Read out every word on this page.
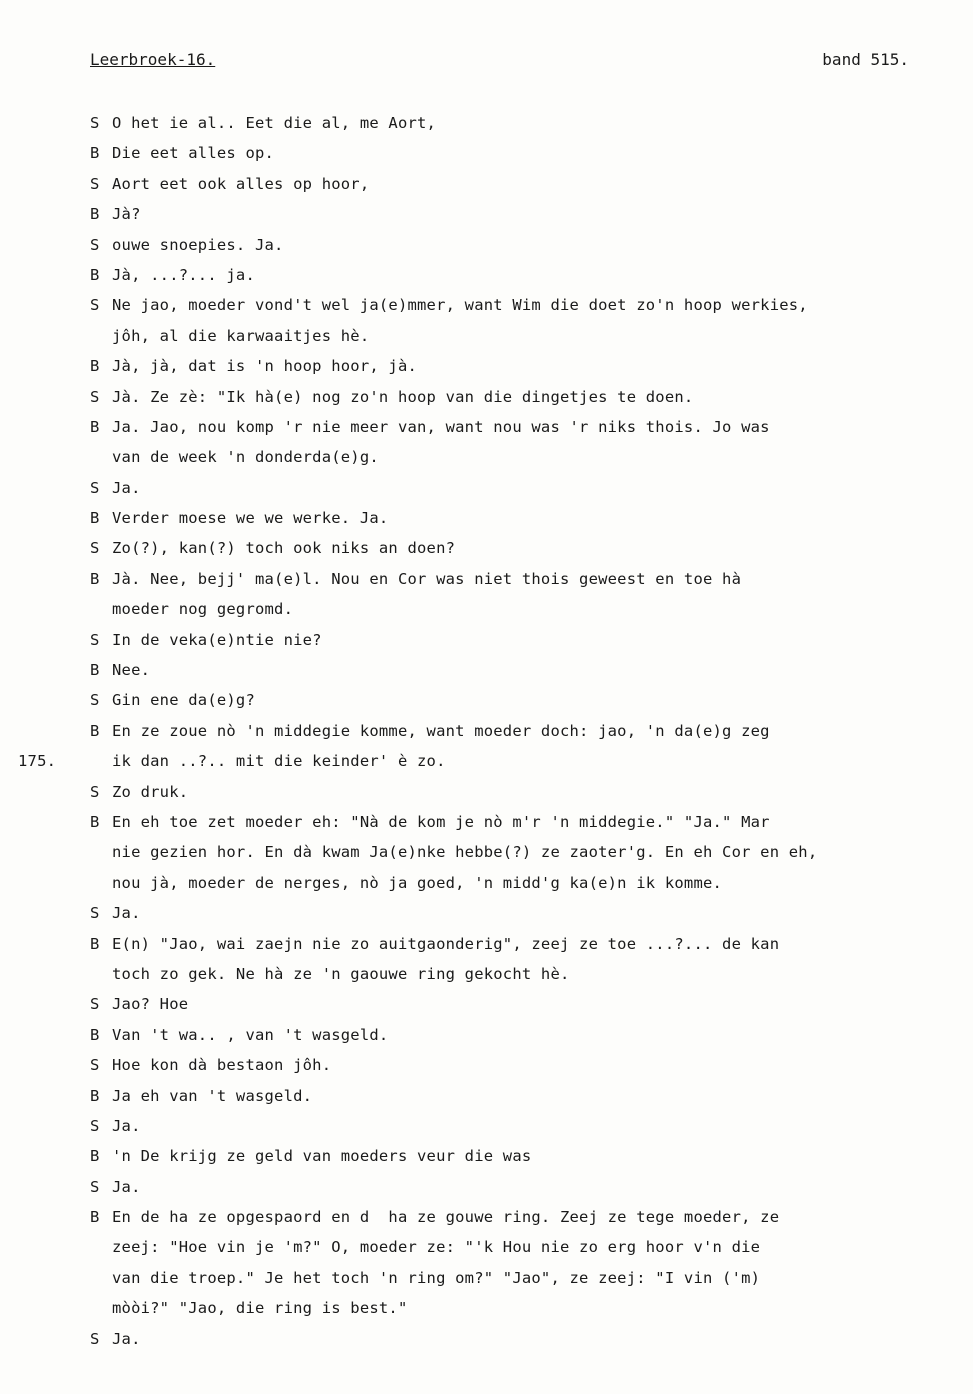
Leerbroek-16.	band 515.
S O het ie al.. Eet die al, me Aort,
B Die eet alles op.
S Aort eet ook alles op hoor,
B Jà?
S ouwe snoepies. Ja.
B Jà, ...?... ja.
S Ne jao, moeder vond't wel ja(e)mmer, want Wim die doet zo'n hoop werkies,
jôh, al die karwaaitjes hè.
B Jà, jà, dat is 'n hoop hoor, jà.
S Jà. Ze zè: "Ik hà(e) nog zo'n hoop van die dingetjes te doen.
B Ja. Jao, nou komp 'r nie meer van, want nou was 'r niks thois. Jo was
van de week 'n donderda(e)g.
S Ja.
B Verder moese we we werke. Ja.
S Zo(?), kan(?) toch ook niks an doen?
B Jà. Nee, bejj' ma(e)l. Nou en Cor was niet thois geweest en toe hà
moeder nog gegromd.
S In de veka(e)ntie nie?
B Nee.
S Gin ene da(e)g?
B En ze zoue nò 'n middegie komme, want moeder doch: jao, 'n da(e)g zeg
175.	ik dan ..?.. mit die keinder' è zo.
S Zo druk.
B En eh toe zet moeder eh: "Nà de kom je nò m'r 'n middegie." "Ja." Mar
nie gezien hor. En dà kwam Ja(e)nke hebbe(?) ze zaoter'g. En eh Cor en eh,
nou jà, moeder de nerges, nò ja goed, 'n midd'g ka(e)n ik komme.
S Ja.
B E(n) "Jao, wai zaejn nie zo auitgaonderig", zeej ze toe ...?... de kan
toch zo gek. Ne hà ze 'n gaouwe ring gekocht hè.
S Jao? Hoe
B Van 't wa.. , van 't wasgeld.
S Hoe kon dà bestaon jôh.
B Ja eh van 't wasgeld.
S Ja.
B 'n De krijg ze geld van moeders veur die was
S Ja.
B En de ha ze opgespaord en d  ha ze gouwe ring. Zeej ze tege moeder, ze
zeej: "Hoe vin je 'm?" O, moeder ze: "'k Hou nie zo erg hoor v'n die
van die troep." Je het toch 'n ring om?" "Jao", ze zeej: "I vin ('m)
mòòi?" "Jao, die ring is best."
S Ja.
